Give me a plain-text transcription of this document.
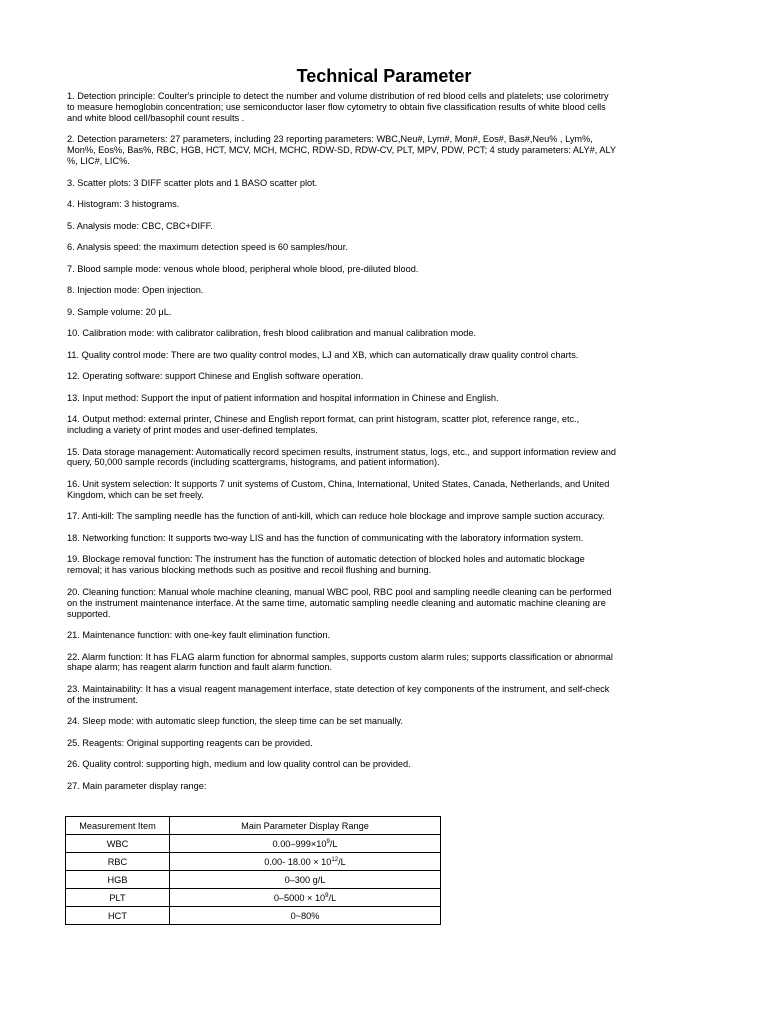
Technical Parameter
1. Detection principle: Coulter's principle to detect the number and volume distribution of red blood cells and platelets; use colorimetry to measure hemoglobin concentration; use semiconductor laser flow cytometry to obtain five classification results of white blood cells and white blood cell/basophil count results .
2. Detection parameters: 27 parameters, including 23 reporting parameters: WBC,Neu#, Lym#, Mon#, Eos#, Bas#,Neu% , Lym%, Mon%, Eos%, Bas%, RBC, HGB, HCT, MCV, MCH, MCHC, RDW-SD, RDW-CV, PLT, MPV, PDW, PCT; 4 study parameters: ALY#, ALY %, LIC#, LIC%.
3. Scatter plots: 3 DIFF scatter plots and 1 BASO scatter plot.
4. Histogram: 3 histograms.
5. Analysis mode: CBC, CBC+DIFF.
6. Analysis speed: the maximum detection speed is 60 samples/hour.
7. Blood sample mode: venous whole blood, peripheral whole blood, pre-diluted blood.
8. Injection mode: Open injection.
9. Sample volume: 20 μL.
10. Calibration mode: with calibrator calibration, fresh blood calibration and manual calibration mode.
11. Quality control mode: There are two quality control modes, LJ and XB, which can automatically draw quality control charts.
12. Operating software: support Chinese and English software operation.
13. Input method: Support the input of patient information and hospital information in Chinese and English.
14. Output method: external printer, Chinese and English report format, can print histogram, scatter plot, reference range, etc., including a variety of print modes and user-defined templates.
15. Data storage management: Automatically record specimen results, instrument status, logs, etc., and support information review and query, 50,000 sample records (including scattergrams, histograms, and patient information).
16. Unit system selection: It supports 7 unit systems of Custom, China, International, United States, Canada, Netherlands, and United Kingdom, which can be set freely.
17. Anti-kill: The sampling needle has the function of anti-kill, which can reduce hole blockage and improve sample suction accuracy.
18. Networking function: It supports two-way LIS and has the function of communicating with the laboratory information system.
19. Blockage removal function: The instrument has the function of automatic detection of blocked holes and automatic blockage removal; it has various blocking methods such as positive and recoil flushing and burning.
20. Cleaning function: Manual whole machine cleaning, manual WBC pool, RBC pool and sampling needle cleaning can be performed on the instrument maintenance interface. At the same time, automatic sampling needle cleaning and automatic machine cleaning are supported.
21. Maintenance function: with one-key fault elimination function.
22. Alarm function: It has FLAG alarm function for abnormal samples, supports custom alarm rules; supports classification or abnormal shape alarm; has reagent alarm function and fault alarm function.
23. Maintainability: It has a visual reagent management interface, state detection of key components of the instrument, and self-check of the instrument.
24. Sleep mode: with automatic sleep function, the sleep time can be set manually.
25. Reagents: Original supporting reagents can be provided.
26. Quality control: supporting high, medium and low quality control can be provided.
27. Main parameter display range:
Measurement Item	Main Parameter Display Range
WBC	$0.00-999\times 10^9/L$
RBC	0.00- $18.00 \times 10^{12}/L$
HGB	0–300 g/L
PLT	$0-5000 \times 10^9/L$
HCT	0~80%
